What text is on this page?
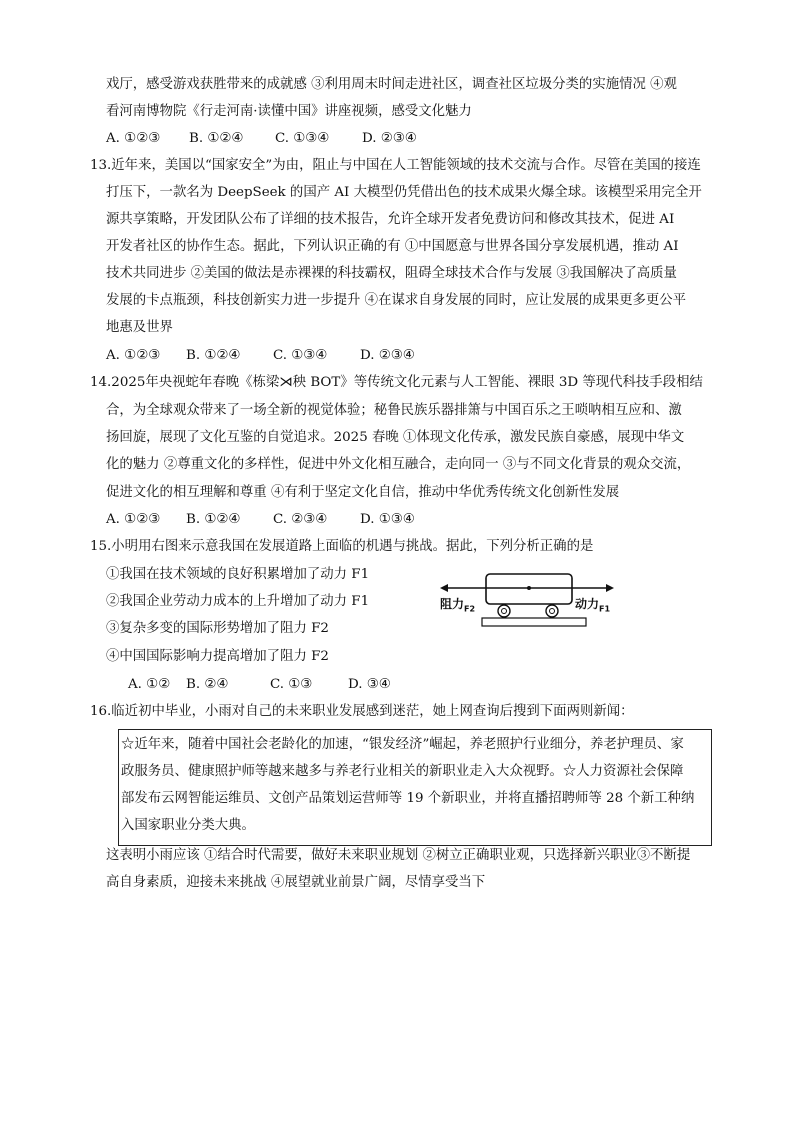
戏厅，感受游戏获胜带来的成就感 ③利用周末时间走进社区，调查社区垃圾分类的实施情况 ④观
看河南博物院《行走河南·读懂中国》讲座视频，感受文化魅力
A. ①②③ B. ①②④ C. ①③④ D. ②③④
13.近年来，美国以“国家安全”为由，阻止与中国在人工智能领域的技术交流与合作。尽管在美国的接连
打压下，一款名为 DeepSeek 的国产 AI 大模型仍凭借出色的技术成果火爆全球。该模型采用完全开
源共享策略，开发团队公布了详细的技术报告，允许全球开发者免费访问和修改其技术，促进 AI
开发者社区的协作生态。据此，下列认识正确的有 ①中国愿意与世界各国分享发展机遇，推动 AI
技术共同进步 ②美国的做法是赤裸裸的科技霸权，阻碍全球技术合作与发展 ③我国解决了高质量
发展的卡点瓶颈，科技创新实力进一步提升 ④在谋求自身发展的同时，应让发展的成果更多更公平
地惠及世界
A. ①②③ B. ①②④ C. ①③④ D. ②③④
14.2025年央视蛇年春晚《栋梁⋊秧 BOT》等传统文化元素与人工智能、裸眼 3D 等现代科技手段相结
合，为全球观众带来了一场全新的视觉体验；秘鲁民族乐器排箫与中国百乐之王唢呐相互应和、激
扬回旋，展现了文化互鉴的自觉追求。2025 春晚 ①体现文化传承，激发民族自豪感，展现中华文
化的魅力 ②尊重文化的多样性，促进中外文化相互融合，走向同一 ③与不同文化背景的观众交流，
促进文化的相互理解和尊重 ④有利于坚定文化自信，推动中华优秀传统文化创新性发展
A. ①②③ B. ①②④ C. ②③④ D. ①③④
15.小明用右图来示意我国在发展道路上面临的机遇与挑战。据此，下列分析正确的是
①我国在技术领域的良好积累增加了动力 F1
②我国企业劳动力成本的上升增加了动力 F1
③复杂多变的国际形势增加了阻力 F2
④中国国际影响力提高增加了阻力 F2
A. ①② B. ②④	C. ①③	D. ③④
阻力$_{F2}$	动力$_{F1}$
16.临近初中毕业，小雨对自己的未来职业发展感到迷茫，她上网查询后搜到下面两则新闻：
☆近年来，随着中国社会老龄化的加速，“银发经济”崛起，养老照护行业细分，养老护理员、家
政服务员、健康照护师等越来越多与养老行业相关的新职业走入大众视野。☆人力资源社会保障
部发布云网智能运维员、文创产品策划运营师等 19 个新职业，并将直播招聘师等 28 个新工种纳
入国家职业分类大典。
这表明小雨应该 ①结合时代需要，做好未来职业规划 ②树立正确职业观，只选择新兴职业③不断提
高自身素质，迎接未来挑战 ④展望就业前景广阔，尽情享受当下
